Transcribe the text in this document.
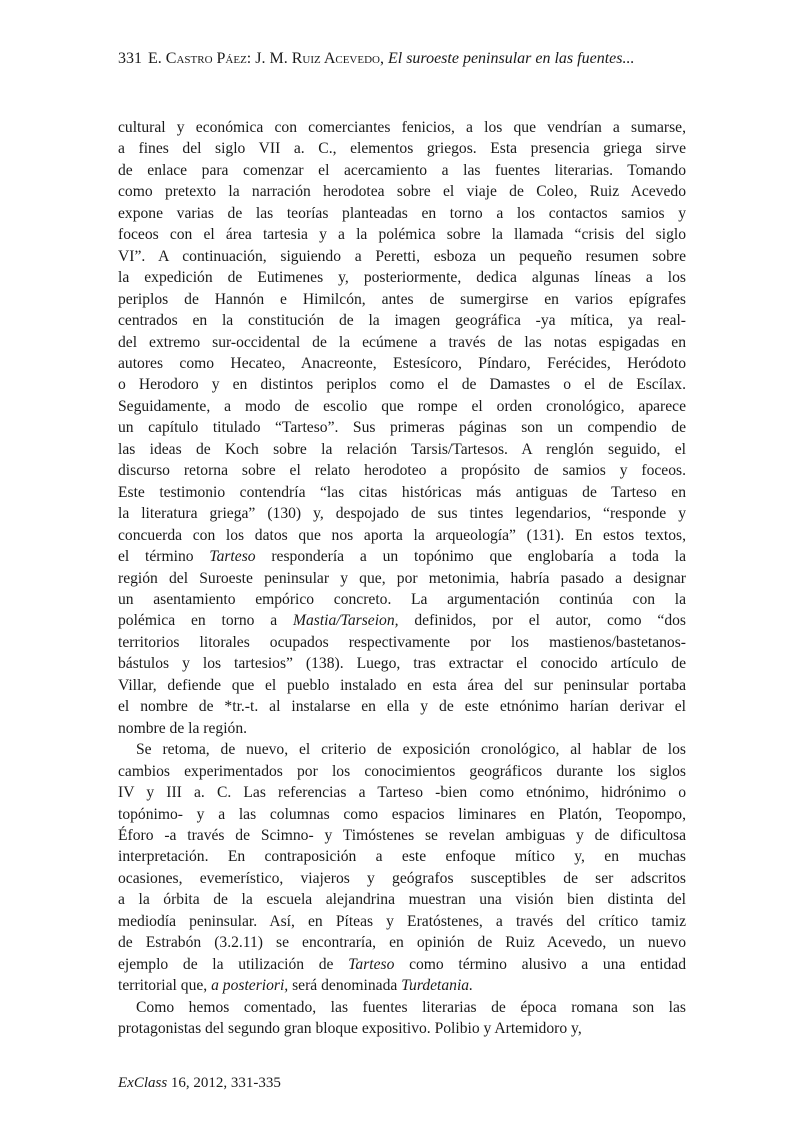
331 E. Castro Páez: J. M. Ruiz Acevedo, El suroeste peninsular en las fuentes...
cultural y económica con comerciantes fenicios, a los que vendrían a sumarse,
a fines del siglo VII a. C., elementos griegos. Esta presencia griega sirve
de enlace para comenzar el acercamiento a las fuentes literarias. Tomando
como pretexto la narración herodotea sobre el viaje de Coleo, Ruiz Acevedo
expone varias de las teorías planteadas en torno a los contactos samios y
foceos con el área tartesia y a la polémica sobre la llamada “crisis del siglo
VI”. A continuación, siguiendo a Peretti, esboza un pequeño resumen sobre
la expedición de Eutimenes y, posteriormente, dedica algunas líneas a los
periplos de Hannón e Himilcón, antes de sumergirse en varios epígrafes
centrados en la constitución de la imagen geográfica -ya mítica, ya real-
del extremo sur-occidental de la ecúmene a través de las notas espigadas en
autores como Hecateo, Anacreonte, Estesícoro, Píndaro, Ferécides, Heródoto
o Herodoro y en distintos periplos como el de Damastes o el de Escílax.
Seguidamente, a modo de escolio que rompe el orden cronológico, aparece
un capítulo titulado “Tarteso”. Sus primeras páginas son un compendio de
las ideas de Koch sobre la relación Tarsis/Tartesos. A renglón seguido, el
discurso retorna sobre el relato herodoteo a propósito de samios y foceos.
Este testimonio contendría “las citas históricas más antiguas de Tarteso en
la literatura griega” (130) y, despojado de sus tintes legendarios, “responde y
concuerda con los datos que nos aporta la arqueología” (131). En estos textos,
el término Tarteso respondería a un topónimo que englobaría a toda la
región del Suroeste peninsular y que, por metonimia, habría pasado a designar
un asentamiento empórico concreto. La argumentación continúa con la
polémica en torno a Mastia/Tarseion, definidos, por el autor, como “dos
territorios litorales ocupados respectivamente por los mastienos/bastetanos-
bástulos y los tartesios” (138). Luego, tras extractar el conocido artículo de
Villar, defiende que el pueblo instalado en esta área del sur peninsular portaba
el nombre de *tr.-t. al instalarse en ella y de este etnónimo harían derivar el
nombre de la región.
Se retoma, de nuevo, el criterio de exposición cronológico, al hablar de los
cambios experimentados por los conocimientos geográficos durante los siglos
IV y III a. C. Las referencias a Tarteso -bien como etnónimo, hidrónimo o
topónimo- y a las columnas como espacios liminares en Platón, Teopompo,
Éforo -a través de Scimno- y Timóstenes se revelan ambiguas y de dificultosa
interpretación. En contraposición a este enfoque mítico y, en muchas
ocasiones, evemerístico, viajeros y geógrafos susceptibles de ser adscritos
a la órbita de la escuela alejandrina muestran una visión bien distinta del
mediodía peninsular. Así, en Píteas y Eratóstenes, a través del crítico tamiz
de Estrabón (3.2.11) se encontraría, en opinión de Ruiz Acevedo, un nuevo
ejemplo de la utilización de Tarteso como término alusivo a una entidad
territorial que, a posteriori, será denominada Turdetania.
Como hemos comentado, las fuentes literarias de época romana son las
protagonistas del segundo gran bloque expositivo. Polibio y Artemidoro y,
ExClass 16, 2012, 331-335
